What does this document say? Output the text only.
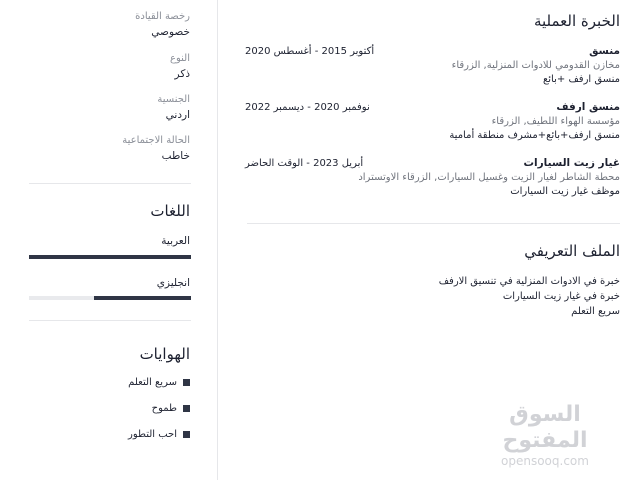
رخصة القيادة
خصوصي
النوع
ذكر
الجنسية
اردني
الحالة الاجتماعية
خاطب
اللغات
العربية
انجليزي
الهوايات
سريع التعلم
طموح
احب التطور
الخبرة العملية
منسق
أكتوبر 2015 - أغسطس 2020
مخازن القدومي للادوات المنزلية, الزرقاء
منسق ارفف +بائع
منسق ارفف
نوفمبر 2020 - ديسمبر 2022
مؤسسة الهواء اللطيف, الزرقاء
منسق ارفف+بائع+مشرف منطقة أمامية
غيار زيت السيارات
أبريل 2023 - الوقت الحاضر
محطة الشاطر لغيار الزيت وغسيل السيارات, الزرقاء الاوتستراد
موظف غيار زيت السيارات
الملف التعريفي
خبرة في الادوات المنزلية في تنسيق الارفف
خبرة في غيار زيت السيارات
سريع التعلم
السوق المفتوح
opensooq.com
